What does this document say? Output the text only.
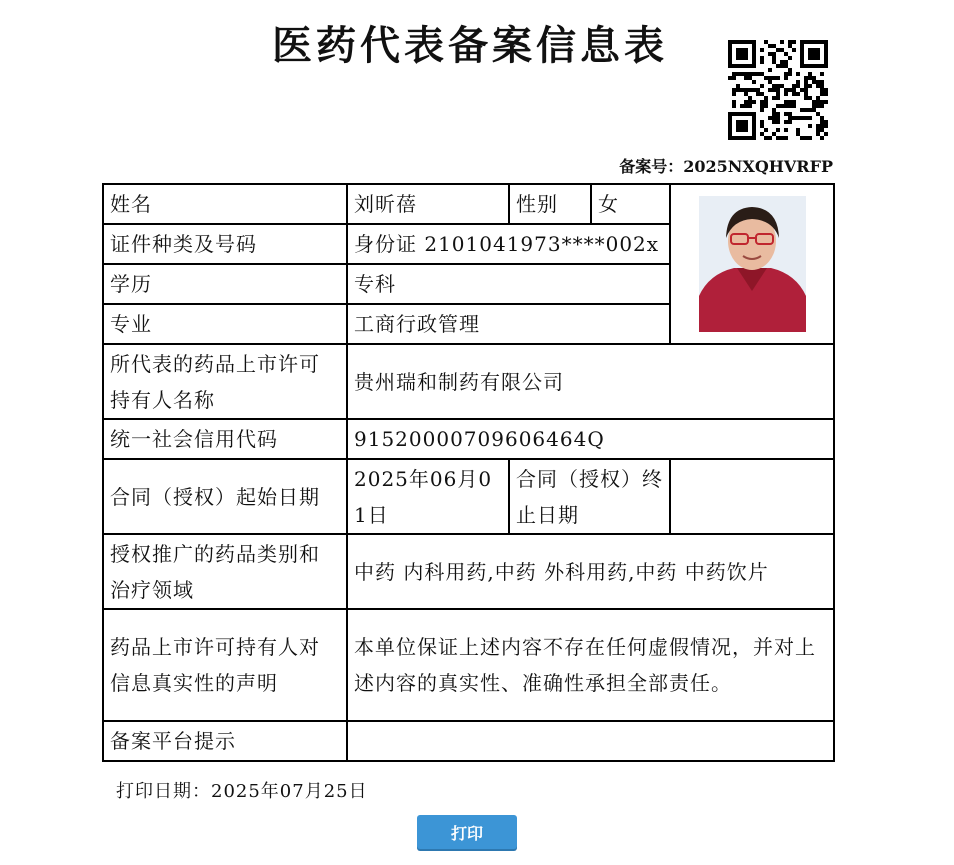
医药代表备案信息表
备案号：2025NXQHVRFP
姓名	刘昕蓓	性别	女	

证件种类及号码	身份证 2101041973****002x			
学历	专科			
专业	工商行政管理			
所代表的药品上市许可持有人名称	贵州瑞和制药有限公司			
统一社会信用代码	91520000709606464Q			
合同（授权）起始日期	2025年06月01日	合同（授权）终止日期		
授权推广的药品类别和治疗领域	中药 内科用药,中药 外科用药,中药 中药饮片			
药品上市许可持有人对信息真实性的声明	本单位保证上述内容不存在任何虚假情况，并对上述内容的真实性、准确性承担全部责任。			
备案平台提示				
打印日期：2025年07月25日
打印
